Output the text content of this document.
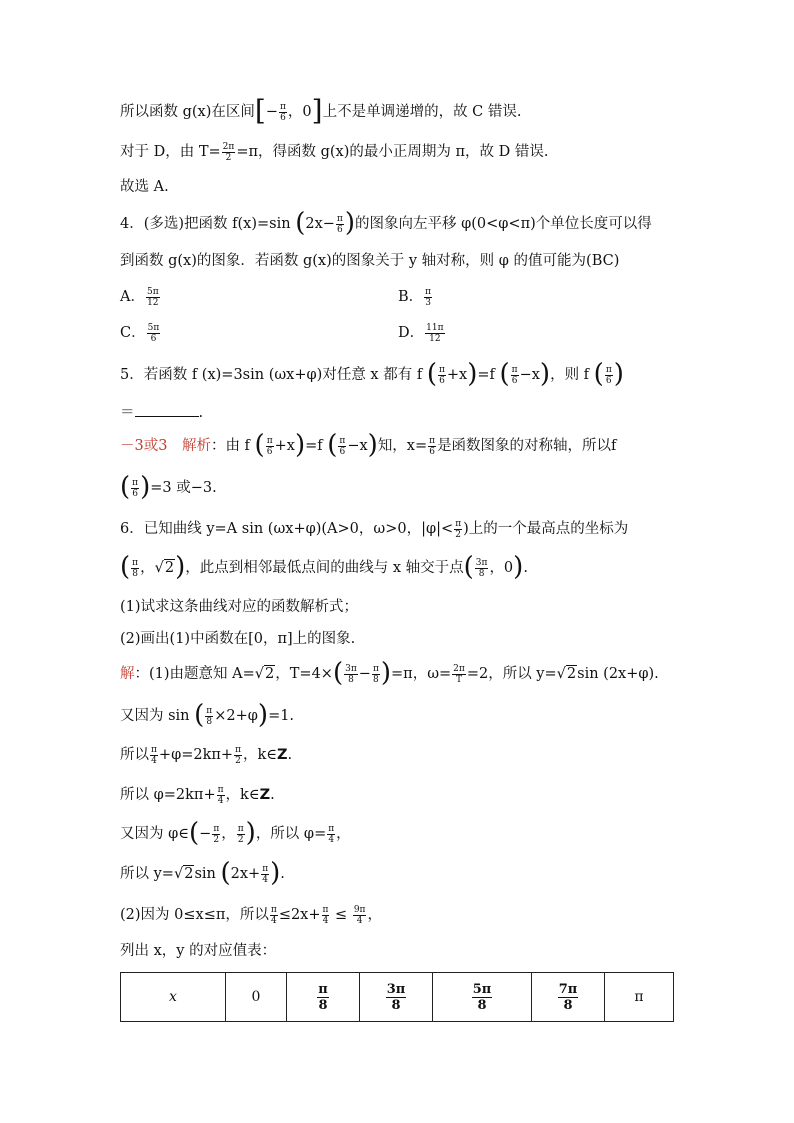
所以函数 g(x)在区间[− $\frac{\pi}{6}$ ，0]上不是单调递增的，故 C 错误.
对于 D，由 $T= \frac{2\pi}{2} =\pi$，得函数 g(x)的最小正周期为 π，故 D 错误.
故选 A.
4．(多选)把函数 f(x)=sin ($2x- \frac{\pi}{6}$ )的图象向左平移 φ(0<φ<π)个单位长度可以得
到函数 g(x)的图象．若函数 g(x)的图象关于 y 轴对称，则 φ 的值可能为(BC)
A． $\frac{5\pi}{12}$	B． $\frac{\pi}{3}$
C． $\frac{5\pi}{6}$	D． $\frac{11\pi}{12}$
5．若函数 f (x)=3sin (ωx+φ)对任意 x 都有 f ( $\frac{\pi}{6} +x)=f$ ( $\frac{\pi}{6} -x$)，则 f ( $\frac{\pi}{6}$ )
＝	.
－3或3　 解析：由 f ( $\frac{\pi}{6} +x)=f$ ( $\frac{\pi}{6} -x$)知，$x= \frac{\pi}{6}$ 是函数图象的对称轴，所以f
( $\frac{\pi}{6} )=3$ 或−3.
6．已知曲线 y=A sin (ωx+φ)(A>0，ω>0，$|\varphi|< \frac{\pi}{2}$ )上的一个最高点的坐标为
( $\frac{\pi}{8}$ ，√2)，此点到相邻最低点间的曲线与 x 轴交于点( $\frac{3\pi}{8}$ ，0).
(1)试求这条曲线对应的函数解析式；
(2)画出(1)中函数在[0，π]上的图象.
解：(1)由题意知 A=√2，$T=4\times( \frac{3\pi}{8} - \frac{\pi}{8} )=\pi$，$\omega= \frac{2\pi}{T} =2$，所以 y=√2sin (2x+φ).
又因为 sin ( $\frac{\pi}{8} \times 2+\varphi)=1$.
所以 $\frac{\pi}{4} +\varphi=2k\pi+ \frac{\pi}{2}$ ，k∈Z.
所以 $\varphi=2k\pi+ \frac{\pi}{4}$ ，k∈Z.
又因为 φ∈(− $\frac{\pi}{2}$ ， $\frac{\pi}{2}$ )，所以 $\varphi= \frac{\pi}{4}$ ，
所以 y=√2sin ($2x+ \frac{\pi}{4}$ ).
(2)因为 0≤x≤π，所以 $\frac{\pi}{4} \le 2x+ \frac{\pi}{4} \le \frac{9\pi}{4}$ ，
列出 x，y 的对应值表：
x	0	$\frac{\pi}{8}$	$\frac{3\pi}{8}$	$\frac{5\pi}{8}$	$\frac{7\pi}{8}$	π
